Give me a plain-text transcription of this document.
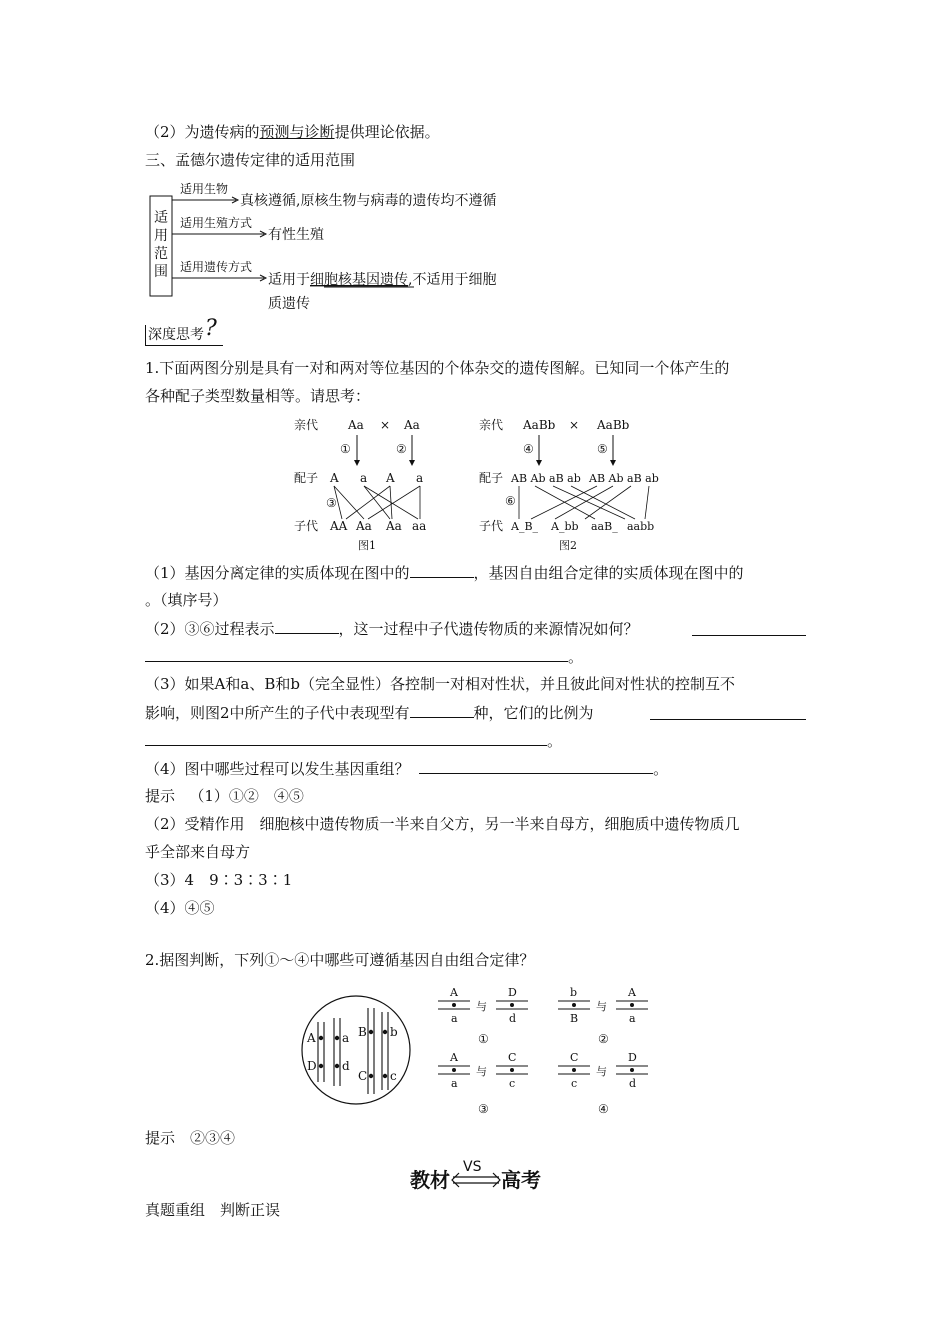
（2）为遗传病的预测与诊断提供理论依据。
三、孟德尔遗传定律的适用范围
适
用
范
围
适用生物
真核遵循,原核生物与病毒的遗传均不遵循
适用生殖方式
有性生殖
适用遗传方式
适用于细胞核基因遗传,不适用于细胞
质遗传
深度思考 ?
1.下面两图分别是具有一对和两对等位基因的个体杂交的遗传图解。已知同一个体产生的
各种配子类型数量相等。请思考：
亲代 Aa × Aa
①	②
配子 A a A a
③
子代 AA Aa Aa aa
图1
亲代 AaBb × AaBb
④	⑤
配子 AB Ab aB ab AB Ab aB ab
⑥
子代 A_B_ A_bb aaB_ aabb
图2
（1）基因分离定律的实质体现在图中的	，基因自由组合定律的实质体现在图中的
。（填序号）
（2）③⑥过程表示	，这一过程中子代遗传物质的来源情况如何？
。
（3）如果A和a、B和b（完全显性）各控制一对相对性状，并且彼此间对性状的控制互不
影响，则图2中所产生的子代中表现型有	种，它们的比例为
。
（4）图中哪些过程可以发生基因重组？	。
提示 （1）①②　④⑤
（2）受精作用　细胞核中遗传物质一半来自父方，另一半来自母方，细胞质中遗传物质几
乎全部来自母方
（3）4　9∶3∶3∶1
（4）④⑤
2.据图判断，下列①～④中哪些可遵循基因自由组合定律？
A a B b
D d
C c
A
a
与
D
d
①
b
B
与
A
a
②
A
a
与
C
c
③
C
c
与
D
d
④
提示　②③④
教材
VS
高考
真题重组　判断正误
